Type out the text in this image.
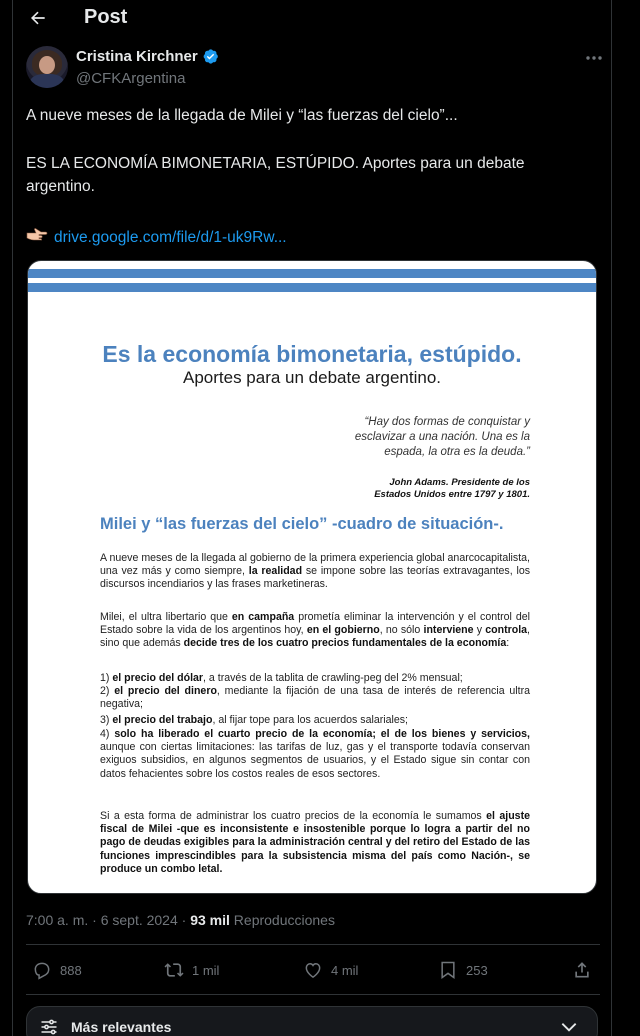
Post
Cristina Kirchner
@CFKArgentina
A nueve meses de la llegada de Milei y “las fuerzas del cielo”...
ES LA ECONOMÍA BIMONETARIA, ESTÚPIDO. Aportes para un debate
argentino.
drive.google.com/file/d/1-uk9Rw...
Es la economía bimonetaria, estúpido.
Aportes para un debate argentino.
“Hay dos formas de conquistar y
esclavizar a una nación. Una es la
espada, la otra es la deuda.”
John Adams. Presidente de los
Estados Unidos entre 1797 y 1801.
Milei y “las fuerzas del cielo” -cuadro de situación-.
A nueve meses de la llegada al gobierno de la primera experiencia global anarcocapitalista, una vez más y como siempre, la realidad se impone sobre las teorías extravagantes, los discursos incendiarios y las frases marketineras.
Milei, el ultra libertario que en campaña prometía eliminar la intervención y el control del Estado sobre la vida de los argentinos hoy, en el gobierno, no sólo interviene y controla, sino que además decide tres de los cuatro precios fundamentales de la economía:
1) el precio del dólar, a través de la tablita de crawling-peg del 2% mensual;
2) el precio del dinero, mediante la fijación de una tasa de interés de referencia ultra negativa;
3) el precio del trabajo, al fijar tope para los acuerdos salariales;
4) solo ha liberado el cuarto precio de la economía; el de los bienes y servicios, aunque con ciertas limitaciones: las tarifas de luz, gas y el transporte todavía conservan exiguos subsidios, en algunos segmentos de usuarios, y el Estado sigue sin contar con datos fehacientes sobre los costos reales de esos sectores.
Si a esta forma de administrar los cuatro precios de la economía le sumamos el ajuste fiscal de Milei -que es inconsistente e insostenible porque lo logra a partir del no pago de deudas exigibles para la administración central y del retiro del Estado de las funciones imprescindibles para la subsistencia misma del país como Nación-, se produce un combo letal.
7:00 a. m. · 6 sept. 2024 · 93 mil Reproducciones
888	1 mil	4 mil	253
Más relevantes
